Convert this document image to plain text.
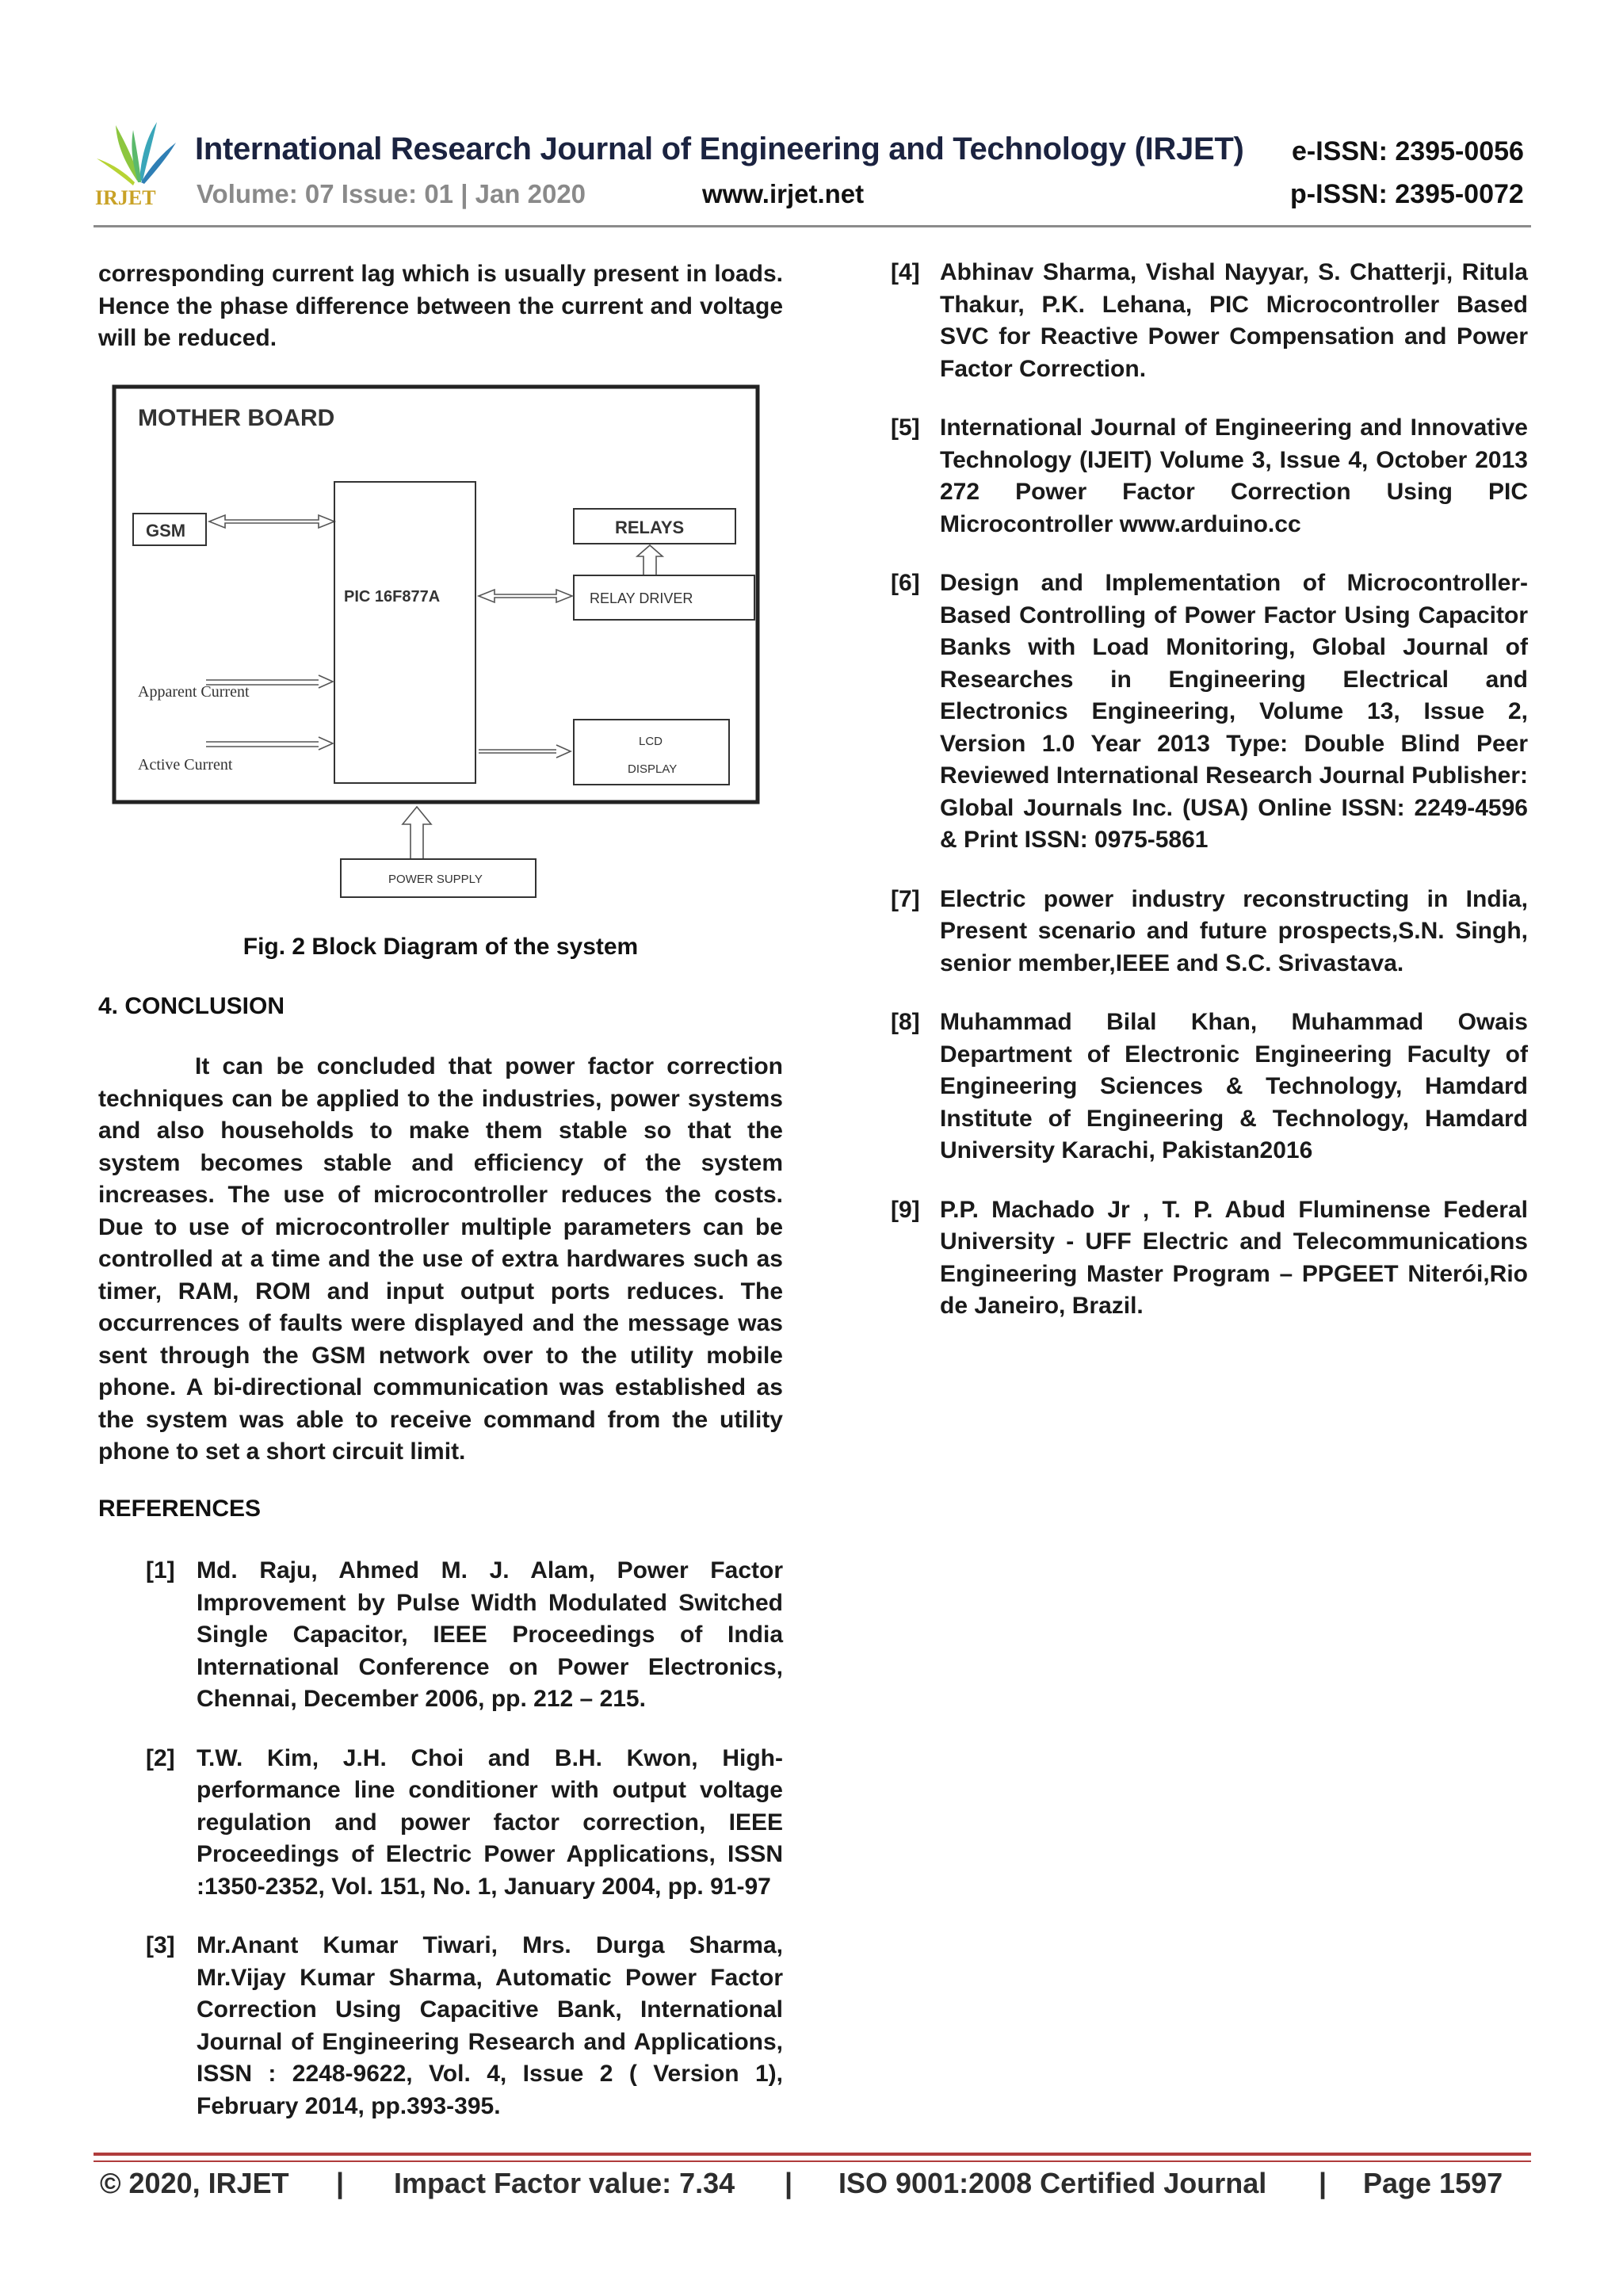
IRJET
International Research Journal of Engineering and Technology (IRJET) e-ISSN: 2395-0056
Volume: 07 Issue: 01 | Jan 2020	www.irjet.net	p-ISSN: 2395-0072

corresponding current lag which is usually present in loads. Hence the phase difference between the current and voltage will be reduced.

MOTHER BOARD
GSM
PIC 16F877A
RELAYS
RELAY DRIVER
Apparent Current
Active Current
LCD
DISPLAY
POWER SUPPLY
Fig. 2 Block Diagram of the system
4. CONCLUSION

It can be concluded that power factor correction techniques can be applied to the industries, power systems and also households to make them stable so that the system becomes stable and efficiency of the system increases. The use of microcontroller reduces the costs. Due to use of microcontroller multiple parameters can be controlled at a time and the use of extra hardwares such as timer, RAM, ROM and input output ports reduces. The occurrences of faults were displayed and the message was sent through the GSM network over to the utility mobile phone. A bi-directional communication was established as the system was able to receive command from the utility phone to set a short circuit limit.

REFERENCES
[1] Md. Raju, Ahmed M. J. Alam, Power Factor Improvement by Pulse Width Modulated Switched Single Capacitor, IEEE Proceedings of India International Conference on Power Electronics, Chennai, December 2006, pp. 212 – 215.
[2] T.W. Kim, J.H. Choi and B.H. Kwon, High-performance line conditioner with output voltage regulation and power factor correction, IEEE Proceedings of Electric Power Applications, ISSN :1350-2352, Vol. 151, No. 1, January 2004, pp. 91-97
[3] Mr.Anant Kumar Tiwari, Mrs. Durga Sharma, Mr.Vijay Kumar Sharma, Automatic Power Factor Correction Using Capacitive Bank, International Journal of Engineering Research and Applications, ISSN : 2248-9622, Vol. 4, Issue 2 ( Version 1), February 2014, pp.393-395.
[4] Abhinav Sharma, Vishal Nayyar, S. Chatterji, Ritula Thakur, P.K. Lehana, PIC Microcontroller Based SVC for Reactive Power Compensation and Power Factor Correction.
[5] International Journal of Engineering and Innovative Technology (IJEIT) Volume 3, Issue 4, October 2013 272 Power Factor Correction Using PIC Microcontroller www.arduino.cc
[6] Design and Implementation of Microcontroller-Based Controlling of Power Factor Using Capacitor Banks with Load Monitoring, Global Journal of Researches in Engineering Electrical and Electronics Engineering, Volume 13, Issue 2, Version 1.0 Year 2013 Type: Double Blind Peer Reviewed International Research Journal Publisher: Global Journals Inc. (USA) Online ISSN: 2249-4596 & Print ISSN: 0975-5861
[7] Electric power industry reconstructing in India, Present scenario and future prospects,S.N. Singh, senior member,IEEE and S.C. Srivastava.
[8] Muhammad Bilal Khan, Muhammad Owais Department of Electronic Engineering Faculty of Engineering Sciences & Technology, Hamdard Institute of Engineering & Technology, Hamdard University Karachi, Pakistan2016
[9] P.P. Machado Jr , T. P. Abud Fluminense Federal University - UFF Electric and Telecommunications Engineering Master Program – PPGEET Niterói,Rio de Janeiro, Brazil.
© 2020, IRJET | Impact Factor value: 7.34 | ISO 9001:2008 Certified Journal | Page 1597
